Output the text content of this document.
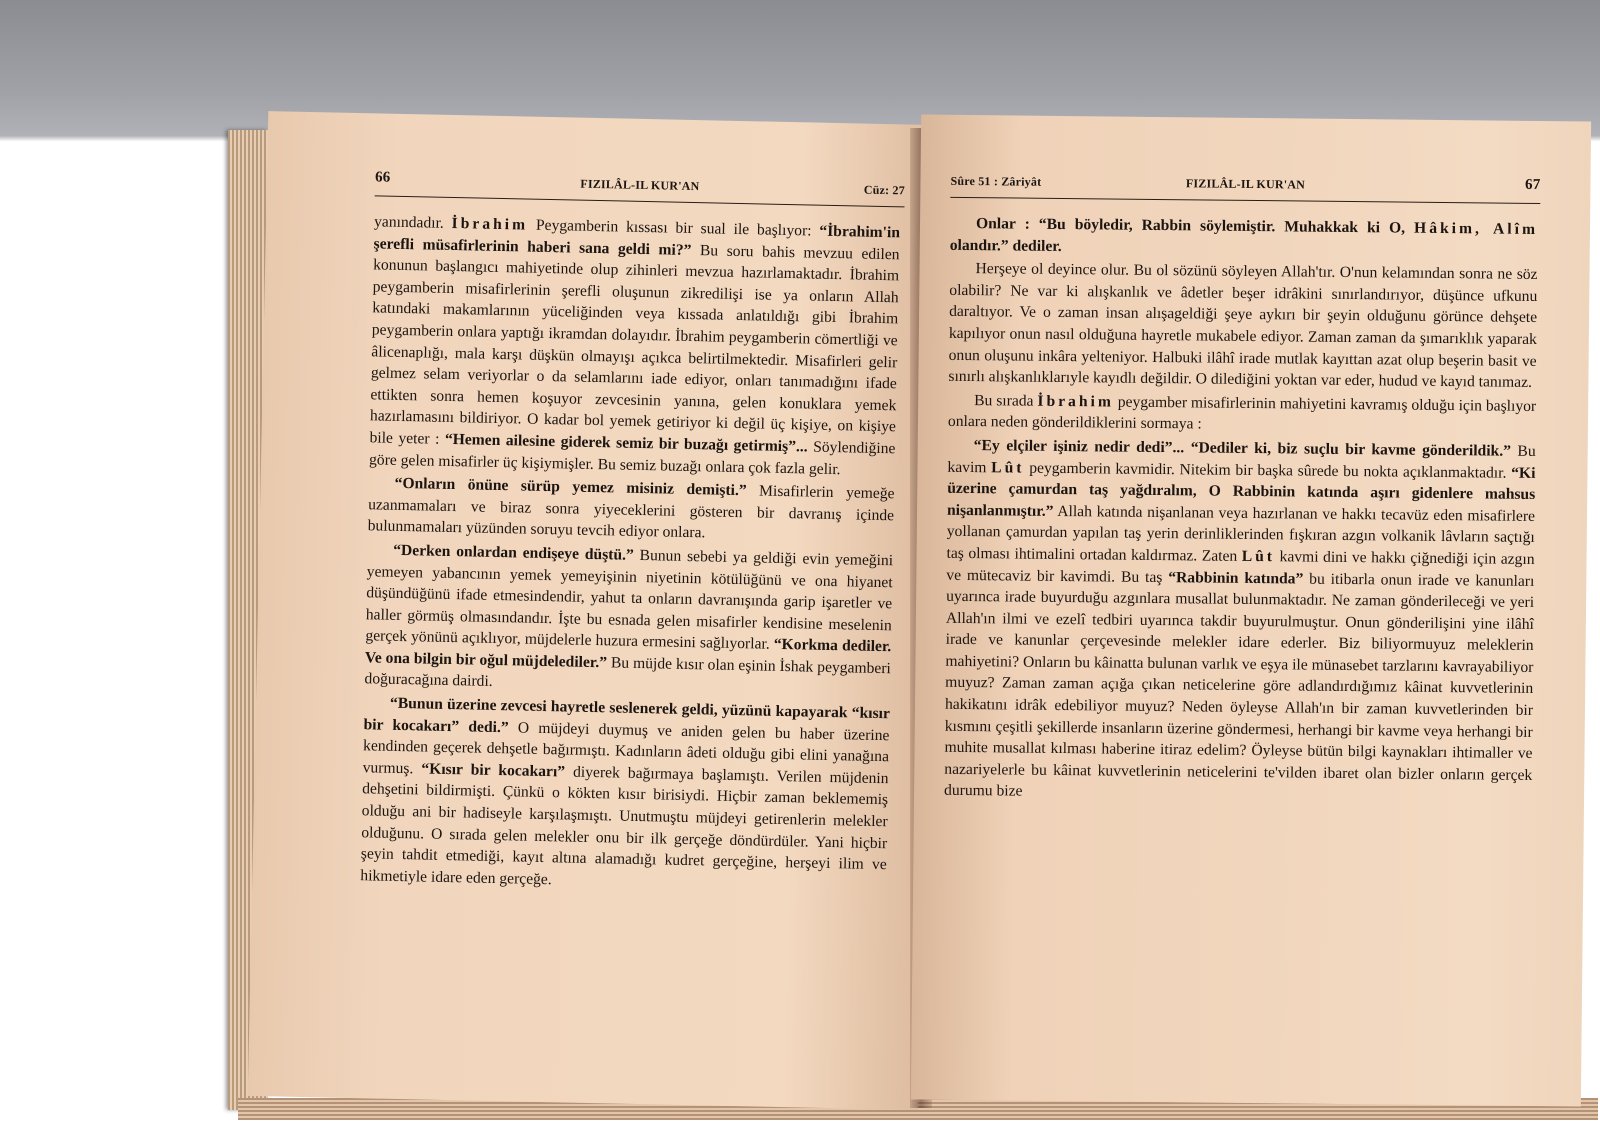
66	FIZILÂL-IL KUR'AN	Cüz: 27

yanındadır. İbrahim Peygamberin kıssası bir sual ile başlıyor: “İbrahim'in şerefli müsafirlerinin haberi sana geldi mi?” Bu soru bahis mevzuu edilen konunun başlangıcı mahiyetinde olup zihinleri mevzua hazırlamaktadır. İbrahim peygamberin misafirlerinin şerefli oluşunun zikredilişi ise ya onların Allah katındaki makamlarının yüceliğinden veya kıssada anlatıldığı gibi İbrahim peygamberin onlara yaptığı ikramdan dolayıdır. İbrahim peygamberin cömertliği ve âlicenaplığı, mala karşı düşkün olmayışı açıkca belirtilmektedir. Misafirleri gelir gelmez selam veriyorlar o da selamlarını iade ediyor, onları tanımadığını ifade ettikten sonra hemen koşuyor zevcesinin yanına, gelen konuklara yemek hazırlamasını bildiriyor. O kadar bol yemek getiriyor ki değil üç kişiye, on kişiye bile yeter : “Hemen ailesine giderek semiz bir buzağı getirmiş”... Söylendiğine göre gelen misafirler üç kişiymişler. Bu semiz buzağı onlara çok fazla gelir.

“Onların önüne sürüp yemez misiniz demişti.” Misafirlerin yemeğe uzanmamaları ve biraz sonra yiyeceklerini gösteren bir davranış içinde bulunmamaları yüzünden soruyu tevcih ediyor onlara.

“Derken onlardan endişeye düştü.” Bunun sebebi ya geldiği evin yemeğini yemeyen yabancının yemek yemeyişinin niyetinin kötülüğünü ve ona hiyanet düşündüğünü ifade etmesindendir, yahut ta onların davranışında garip işaretler ve haller görmüş olmasındandır. İşte bu esnada gelen misafirler kendisine meselenin gerçek yönünü açıklıyor, müjdelerle huzura ermesini sağlıyorlar. “Korkma dediler. Ve ona bilgin bir oğul müjdelediler.” Bu müjde kısır olan eşinin İshak peygamberi doğuracağına dairdi.

“Bunun üzerine zevcesi hayretle seslenerek geldi, yüzünü kapayarak “kısır bir kocakarı” dedi.” O müjdeyi duymuş ve aniden gelen bu haber üzerine kendinden geçerek dehşetle bağırmıştı. Kadınların âdeti olduğu gibi elini yanağına vurmuş. “Kısır bir kocakarı” diyerek bağırmaya başlamıştı. Verilen müjdenin dehşetini bildirmişti. Çünkü o kökten kısır birisiydi. Hiçbir zaman beklememiş olduğu ani bir hadiseyle karşılaşmıştı. Unutmuştu müjdeyi getirenlerin melekler olduğunu. O sırada gelen melekler onu bir ilk gerçeğe döndürdüler. Yani hiçbir şeyin tahdit etmediği, kayıt altına alamadığı kudret gerçeğine, herşeyi ilim ve hikmetiyle idare eden gerçeğe.

Sûre 51 : Zâriyât	FIZILÂL-IL KUR'AN	67

Onlar : “Bu böyledir, Rabbin söylemiştir. Muhakkak ki O, Hâkim, Alîm olandır.” dediler.

Herşeye ol deyince olur. Bu ol sözünü söyleyen Allah'tır. O'nun kelamından sonra ne söz olabilir? Ne var ki alışkanlık ve âdetler beşer idrâkini sınırlandırıyor, düşünce ufkunu daraltıyor. Ve o zaman insan alışageldiği şeye aykırı bir şeyin olduğunu görünce dehşete kapılıyor onun nasıl olduğuna hayretle mukabele ediyor. Zaman zaman da şımarıklık yaparak onun oluşunu inkâra yelteniyor. Halbuki ilâhî irade mutlak kayıttan azat olup beşerin basit ve sınırlı alışkanlıklarıyle kayıdlı değildir. O dilediğini yoktan var eder, hudud ve kayıd tanımaz.

Bu sırada İbrahim peygamber misafirlerinin mahiyetini kavramış olduğu için başlıyor onlara neden gönderildiklerini sormaya :

“Ey elçiler işiniz nedir dedi”... “Dediler ki, biz suçlu bir kavme gönderildik.” Bu kavim Lût peygamberin kavmidir. Nitekim bir başka sûrede bu nokta açıklanmaktadır. “Ki üzerine çamurdan taş yağdıralım, O Rabbinin katında aşırı gidenlere mahsus nişanlanmıştır.” Allah katında nişanlanan veya hazırlanan ve hakkı tecavüz eden misafirlere yollanan çamurdan yapılan taş yerin derinliklerinden fışkıran azgın volkanik lâvların saçtığı taş olması ihtimalini ortadan kaldırmaz. Zaten Lût kavmi dini ve hakkı çiğnediği için azgın ve mütecaviz bir kavimdi. Bu taş “Rabbinin katında” bu itibarla onun irade ve kanunları uyarınca irade buyurduğu azgınlara musallat bulunmaktadır. Ne zaman gönderileceği ve yeri Allah'ın ilmi ve ezelî tedbiri uyarınca takdir buyurulmuştur. Onun gönderilişini yine ilâhî irade ve kanunlar çerçevesinde melekler idare ederler. Biz biliyormuyuz meleklerin mahiyetini? Onların bu kâinatta bulunan varlık ve eşya ile münasebet tarzlarını kavrayabiliyor muyuz? Zaman zaman açığa çıkan neticelerine göre adlandırdığımız kâinat kuvvetlerinin hakikatını idrâk edebiliyor muyuz? Neden öyleyse Allah'ın bir zaman kuvvetlerinden bir kısmını çeşitli şekillerde insanların üzerine göndermesi, herhangi bir kavme veya herhangi bir muhite musallat kılması haberine itiraz edelim? Öyleyse bütün bilgi kaynakları ihtimaller ve nazariyelerle bu kâinat kuvvetlerinin neticelerini te'vilden ibaret olan bizler onların gerçek durumu bize
